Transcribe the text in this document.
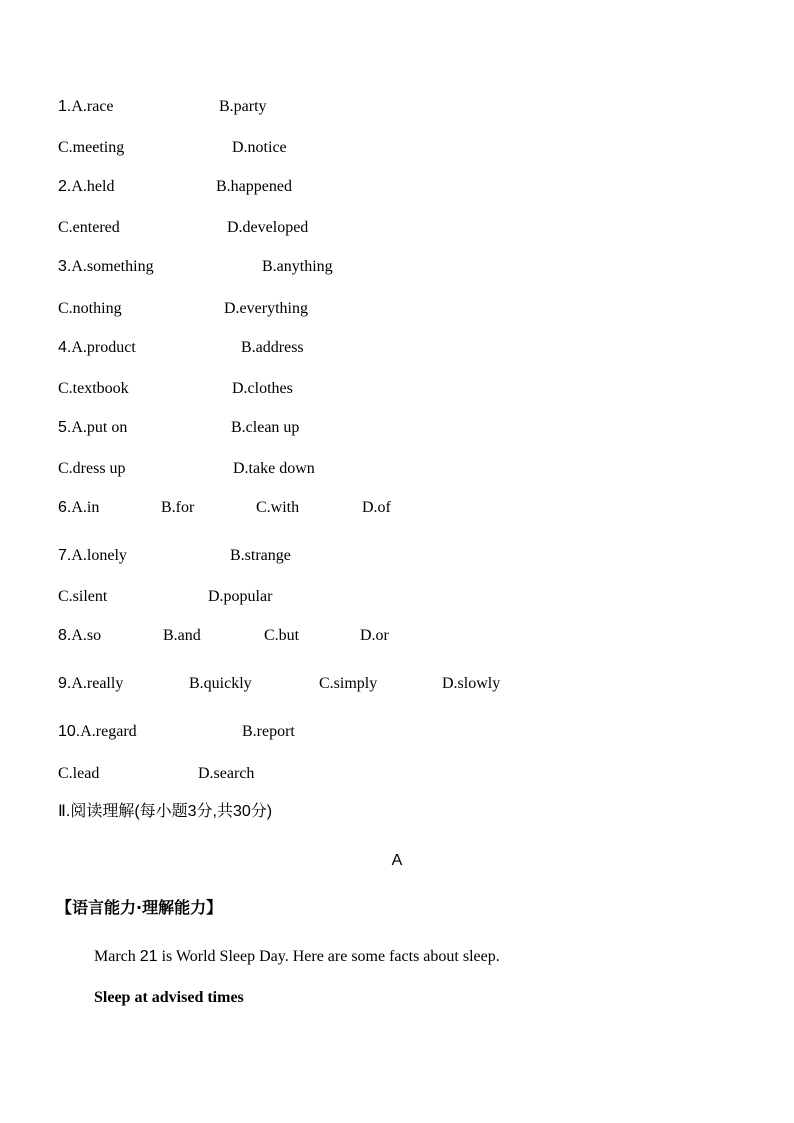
1.A.race	B.party
C.meeting	D.notice
2.A.held	B.happened
C.entered	D.developed
3.A.something	B.anything
C.nothing	D.everything
4.A.product	B.address
C.textbook	D.clothes
5.A.put on	B.clean up
C.dress up	D.take down
6.A.in	B.for	C.with	D.of
7.A.lonely	B.strange
C.silent	D.popular
8.A.so	B.and	C.but	D.or
9.A.really	B.quickly	C.simply	D.slowly
10.A.regard	B.report
C.lead	D.search
Ⅱ.阅读理解(每小题3分,共30分)
A
【语言能力·理解能力】
March 21 is World Sleep Day. Here are some facts about sleep.
Sleep at advised times
